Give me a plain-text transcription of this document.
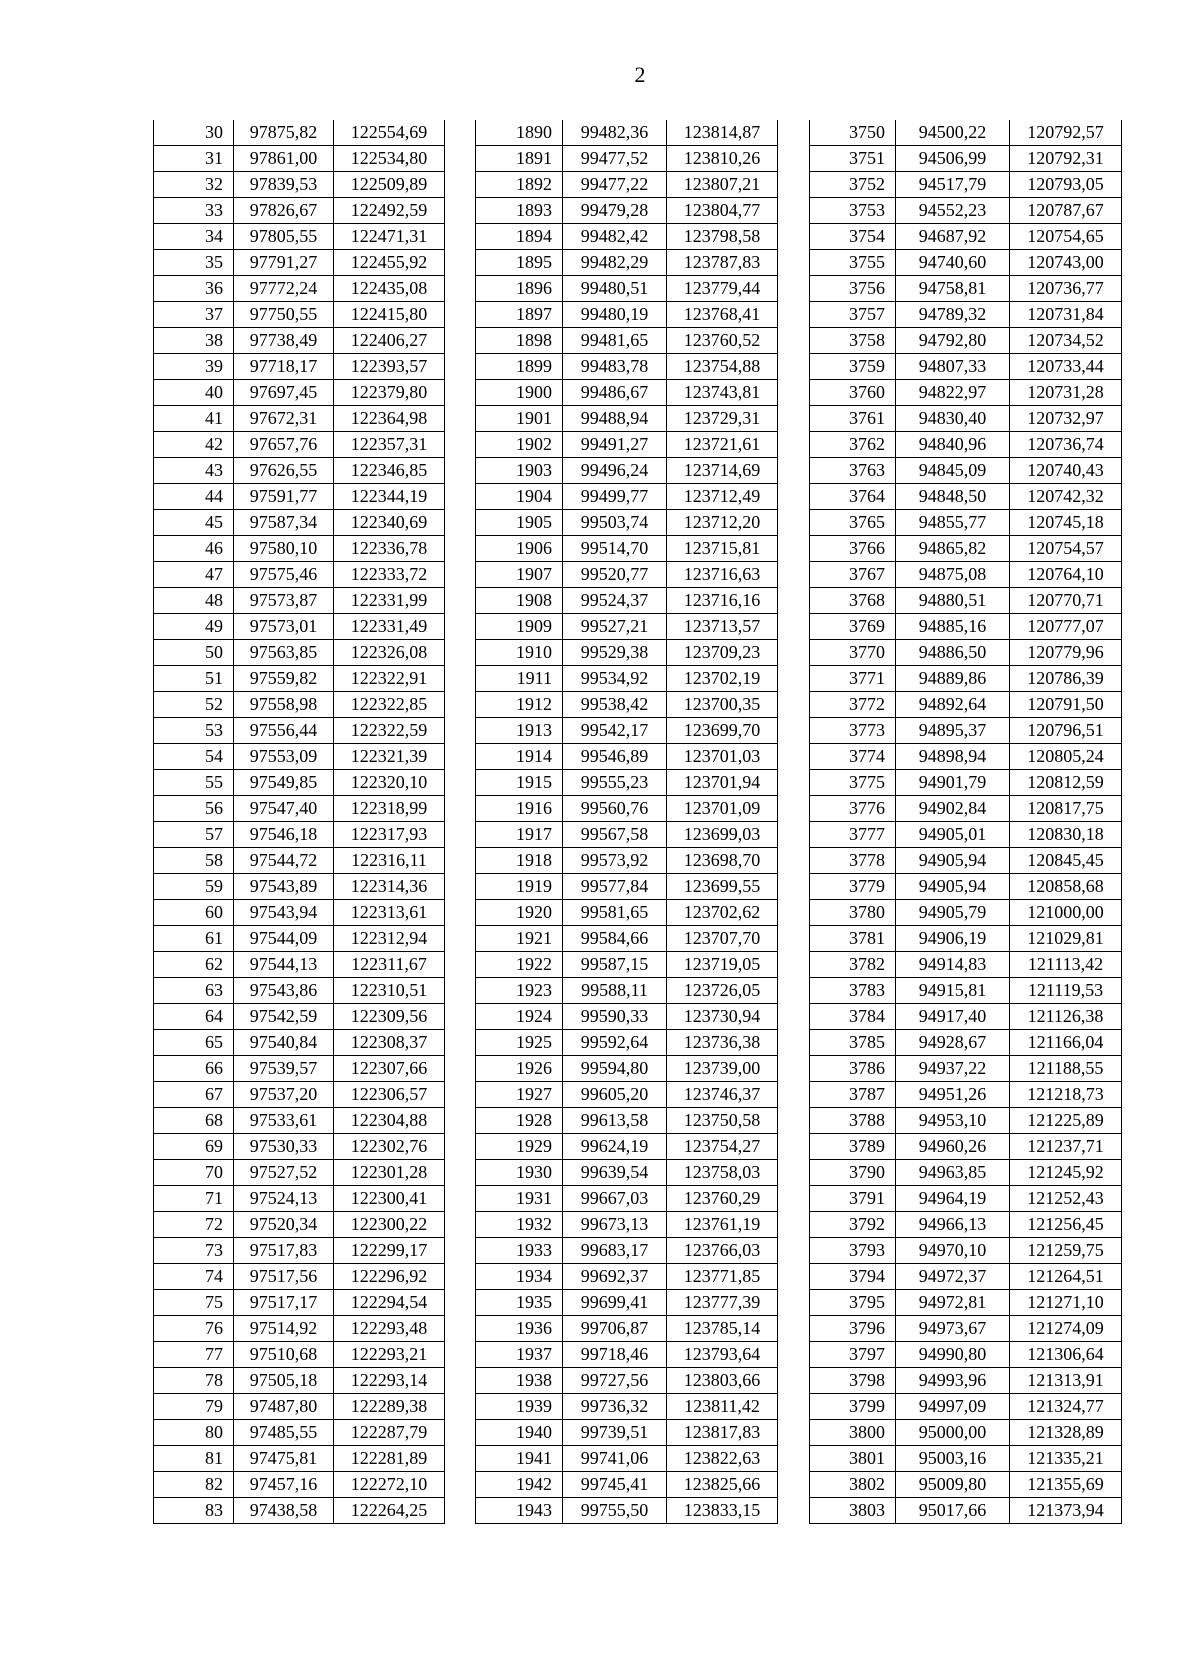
2
30	97875,82	122554,69
31	97861,00	122534,80
32	97839,53	122509,89
33	97826,67	122492,59
34	97805,55	122471,31
35	97791,27	122455,92
36	97772,24	122435,08
37	97750,55	122415,80
38	97738,49	122406,27
39	97718,17	122393,57
40	97697,45	122379,80
41	97672,31	122364,98
42	97657,76	122357,31
43	97626,55	122346,85
44	97591,77	122344,19
45	97587,34	122340,69
46	97580,10	122336,78
47	97575,46	122333,72
48	97573,87	122331,99
49	97573,01	122331,49
50	97563,85	122326,08
51	97559,82	122322,91
52	97558,98	122322,85
53	97556,44	122322,59
54	97553,09	122321,39
55	97549,85	122320,10
56	97547,40	122318,99
57	97546,18	122317,93
58	97544,72	122316,11
59	97543,89	122314,36
60	97543,94	122313,61
61	97544,09	122312,94
62	97544,13	122311,67
63	97543,86	122310,51
64	97542,59	122309,56
65	97540,84	122308,37
66	97539,57	122307,66
67	97537,20	122306,57
68	97533,61	122304,88
69	97530,33	122302,76
70	97527,52	122301,28
71	97524,13	122300,41
72	97520,34	122300,22
73	97517,83	122299,17
74	97517,56	122296,92
75	97517,17	122294,54
76	97514,92	122293,48
77	97510,68	122293,21
78	97505,18	122293,14
79	97487,80	122289,38
80	97485,55	122287,79
81	97475,81	122281,89
82	97457,16	122272,10
83	97438,58	122264,25
1890	99482,36	123814,87
1891	99477,52	123810,26
1892	99477,22	123807,21
1893	99479,28	123804,77
1894	99482,42	123798,58
1895	99482,29	123787,83
1896	99480,51	123779,44
1897	99480,19	123768,41
1898	99481,65	123760,52
1899	99483,78	123754,88
1900	99486,67	123743,81
1901	99488,94	123729,31
1902	99491,27	123721,61
1903	99496,24	123714,69
1904	99499,77	123712,49
1905	99503,74	123712,20
1906	99514,70	123715,81
1907	99520,77	123716,63
1908	99524,37	123716,16
1909	99527,21	123713,57
1910	99529,38	123709,23
1911	99534,92	123702,19
1912	99538,42	123700,35
1913	99542,17	123699,70
1914	99546,89	123701,03
1915	99555,23	123701,94
1916	99560,76	123701,09
1917	99567,58	123699,03
1918	99573,92	123698,70
1919	99577,84	123699,55
1920	99581,65	123702,62
1921	99584,66	123707,70
1922	99587,15	123719,05
1923	99588,11	123726,05
1924	99590,33	123730,94
1925	99592,64	123736,38
1926	99594,80	123739,00
1927	99605,20	123746,37
1928	99613,58	123750,58
1929	99624,19	123754,27
1930	99639,54	123758,03
1931	99667,03	123760,29
1932	99673,13	123761,19
1933	99683,17	123766,03
1934	99692,37	123771,85
1935	99699,41	123777,39
1936	99706,87	123785,14
1937	99718,46	123793,64
1938	99727,56	123803,66
1939	99736,32	123811,42
1940	99739,51	123817,83
1941	99741,06	123822,63
1942	99745,41	123825,66
1943	99755,50	123833,15
3750	94500,22	120792,57
3751	94506,99	120792,31
3752	94517,79	120793,05
3753	94552,23	120787,67
3754	94687,92	120754,65
3755	94740,60	120743,00
3756	94758,81	120736,77
3757	94789,32	120731,84
3758	94792,80	120734,52
3759	94807,33	120733,44
3760	94822,97	120731,28
3761	94830,40	120732,97
3762	94840,96	120736,74
3763	94845,09	120740,43
3764	94848,50	120742,32
3765	94855,77	120745,18
3766	94865,82	120754,57
3767	94875,08	120764,10
3768	94880,51	120770,71
3769	94885,16	120777,07
3770	94886,50	120779,96
3771	94889,86	120786,39
3772	94892,64	120791,50
3773	94895,37	120796,51
3774	94898,94	120805,24
3775	94901,79	120812,59
3776	94902,84	120817,75
3777	94905,01	120830,18
3778	94905,94	120845,45
3779	94905,94	120858,68
3780	94905,79	121000,00
3781	94906,19	121029,81
3782	94914,83	121113,42
3783	94915,81	121119,53
3784	94917,40	121126,38
3785	94928,67	121166,04
3786	94937,22	121188,55
3787	94951,26	121218,73
3788	94953,10	121225,89
3789	94960,26	121237,71
3790	94963,85	121245,92
3791	94964,19	121252,43
3792	94966,13	121256,45
3793	94970,10	121259,75
3794	94972,37	121264,51
3795	94972,81	121271,10
3796	94973,67	121274,09
3797	94990,80	121306,64
3798	94993,96	121313,91
3799	94997,09	121324,77
3800	95000,00	121328,89
3801	95003,16	121335,21
3802	95009,80	121355,69
3803	95017,66	121373,94
